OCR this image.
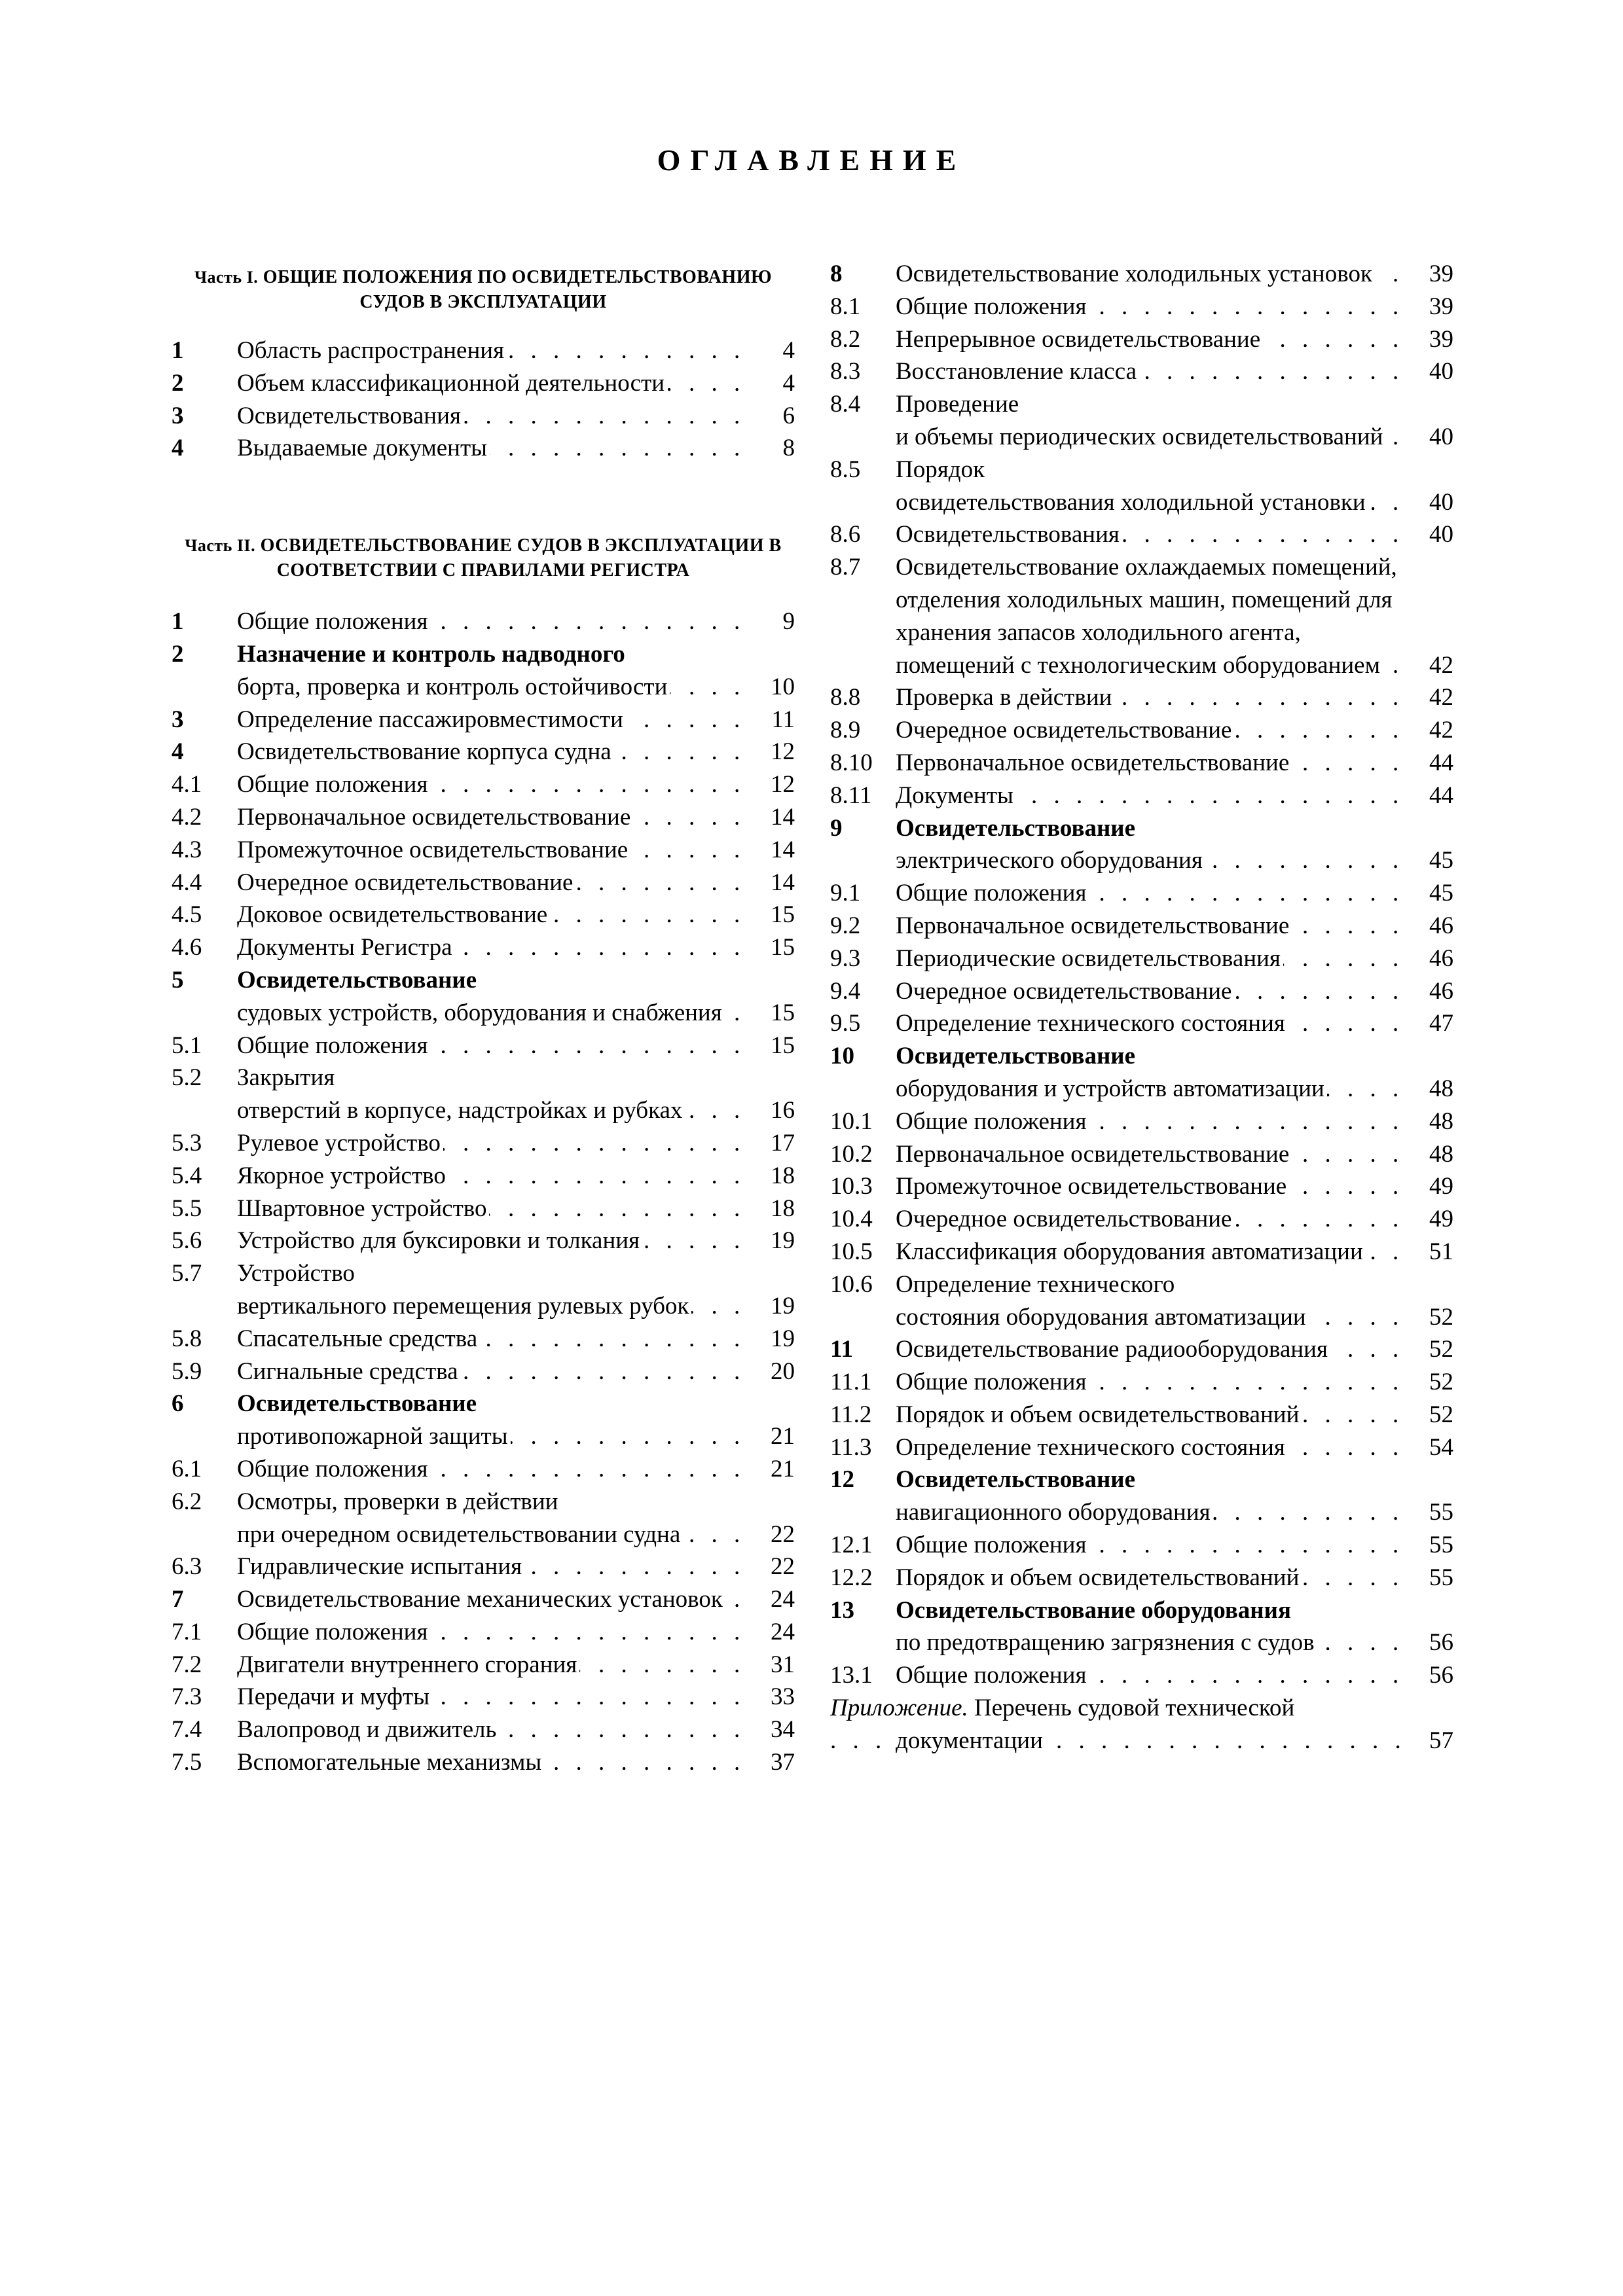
ОГЛАВЛЕНИЕ
Часть I. ОБЩИЕ ПОЛОЖЕНИЯ ПО ОСВИДЕТЕЛЬСТВОВАНИЮ СУДОВ В ЭКСПЛУАТАЦИИ
1 Область распространения . . .	4
2 Объем классификационной деятельности . . .	4
3 Освидетельствования . . .	6
4 Выдаваемые документы . . .	8
Часть II. ОСВИДЕТЕЛЬСТВОВАНИЕ СУДОВ В ЭКСПЛУАТАЦИИ В СООТВЕТСТВИИ С ПРАВИЛАМИ РЕГИСТРА
1 Общие положения . . .	9
2 Назначение и контроль надводного
борта, проверка и контроль остойчивости . . .	10
3 Определение пассажировместимости . . .	11
4 Освидетельствование корпуса судна . . .	12
4.1 Общие положения . . .	12
4.2 Первоначальное освидетельствование . . .	14
4.3 Промежуточное освидетельствование . . .	14
4.4 Очередное освидетельствование . . .	14
4.5 Доковое освидетельствование . . .	15
4.6 Документы Регистра . . .	15
5 Освидетельствование
судовых устройств, оборудования и снабжения . . .	15
5.1 Общие положения . . .	15
5.2 Закрытия
отверстий в корпусе, надстройках и рубках . . .	16
5.3 Рулевое устройство . . .	17
5.4 Якорное устройство . . .	18
5.5 Швартовное устройство . . .	18
5.6 Устройство для буксировки и толкания . . .	19
5.7 Устройство
вертикального перемещения рулевых рубок . . .	19
5.8 Спасательные средства . . .	19
5.9 Сигнальные средства . . .	20
6 Освидетельствование
противопожарной защиты . . .	21
6.1 Общие положения . . .	21
6.2 Осмотры, проверки в действии
при очередном освидетельствовании судна . . .	22
6.3 Гидравлические испытания . . .	22
7 Освидетельствование механических установок . . .	24
7.1 Общие положения . . .	24
7.2 Двигатели внутреннего сгорания . . .	31
7.3 Передачи и муфты . . .	33
7.4 Валопровод и движитель . . .	34
7.5 Вспомогательные механизмы . . .	37
8 Освидетельствование холодильных установок . . .	39
8.1 Общие положения . . .	39
8.2 Непрерывное освидетельствование . . .	39
8.3 Восстановление класса . . .	40
8.4 Проведение
и объемы периодических освидетельствований . . .	40
8.5 Порядок
освидетельствования холодильной установки . . .	40
8.6 Освидетельствования . . .	40
8.7 Освидетельствование охлаждаемых помещений, отделения холодильных машин, помещений для хранения запасов холодильного агента,
помещений с технологическим оборудованием . . .	42
8.8 Проверка в действии . . .	42
8.9 Очередное освидетельствование . . .	42
8.10 Первоначальное освидетельствование . . .	44
8.11 Документы . . .	44
9 Освидетельствование
электрического оборудования . . .	45
9.1 Общие положения . . .	45
9.2 Первоначальное освидетельствование . . .	46
9.3 Периодические освидетельствования . . .	46
9.4 Очередное освидетельствование . . .	46
9.5 Определение технического состояния . . .	47
10 Освидетельствование
оборудования и устройств автоматизации . . .	48
10.1 Общие положения . . .	48
10.2 Первоначальное освидетельствование . . .	48
10.3 Промежуточное освидетельствование . . .	49
10.4 Очередное освидетельствование . . .	49
10.5 Классификация оборудования автоматизации . . .	51
10.6 Определение технического
состояния оборудования автоматизации . . .	52
11 Освидетельствование радиооборудования . . .	52
11.1 Общие положения . . .	52
11.2 Порядок и объем освидетельствований . . .	52
11.3 Определение технического состояния . . .	54
12 Освидетельствование
навигационного оборудования . . .	55
12.1 Общие положения . . .	55
12.2 Порядок и объем освидетельствований . . .	55
13 Освидетельствование оборудования
по предотвращению загрязнения с судов . . .	56
13.1 Общие положения . . .	56
Приложение. Перечень судовой технической
документации . . .	57
